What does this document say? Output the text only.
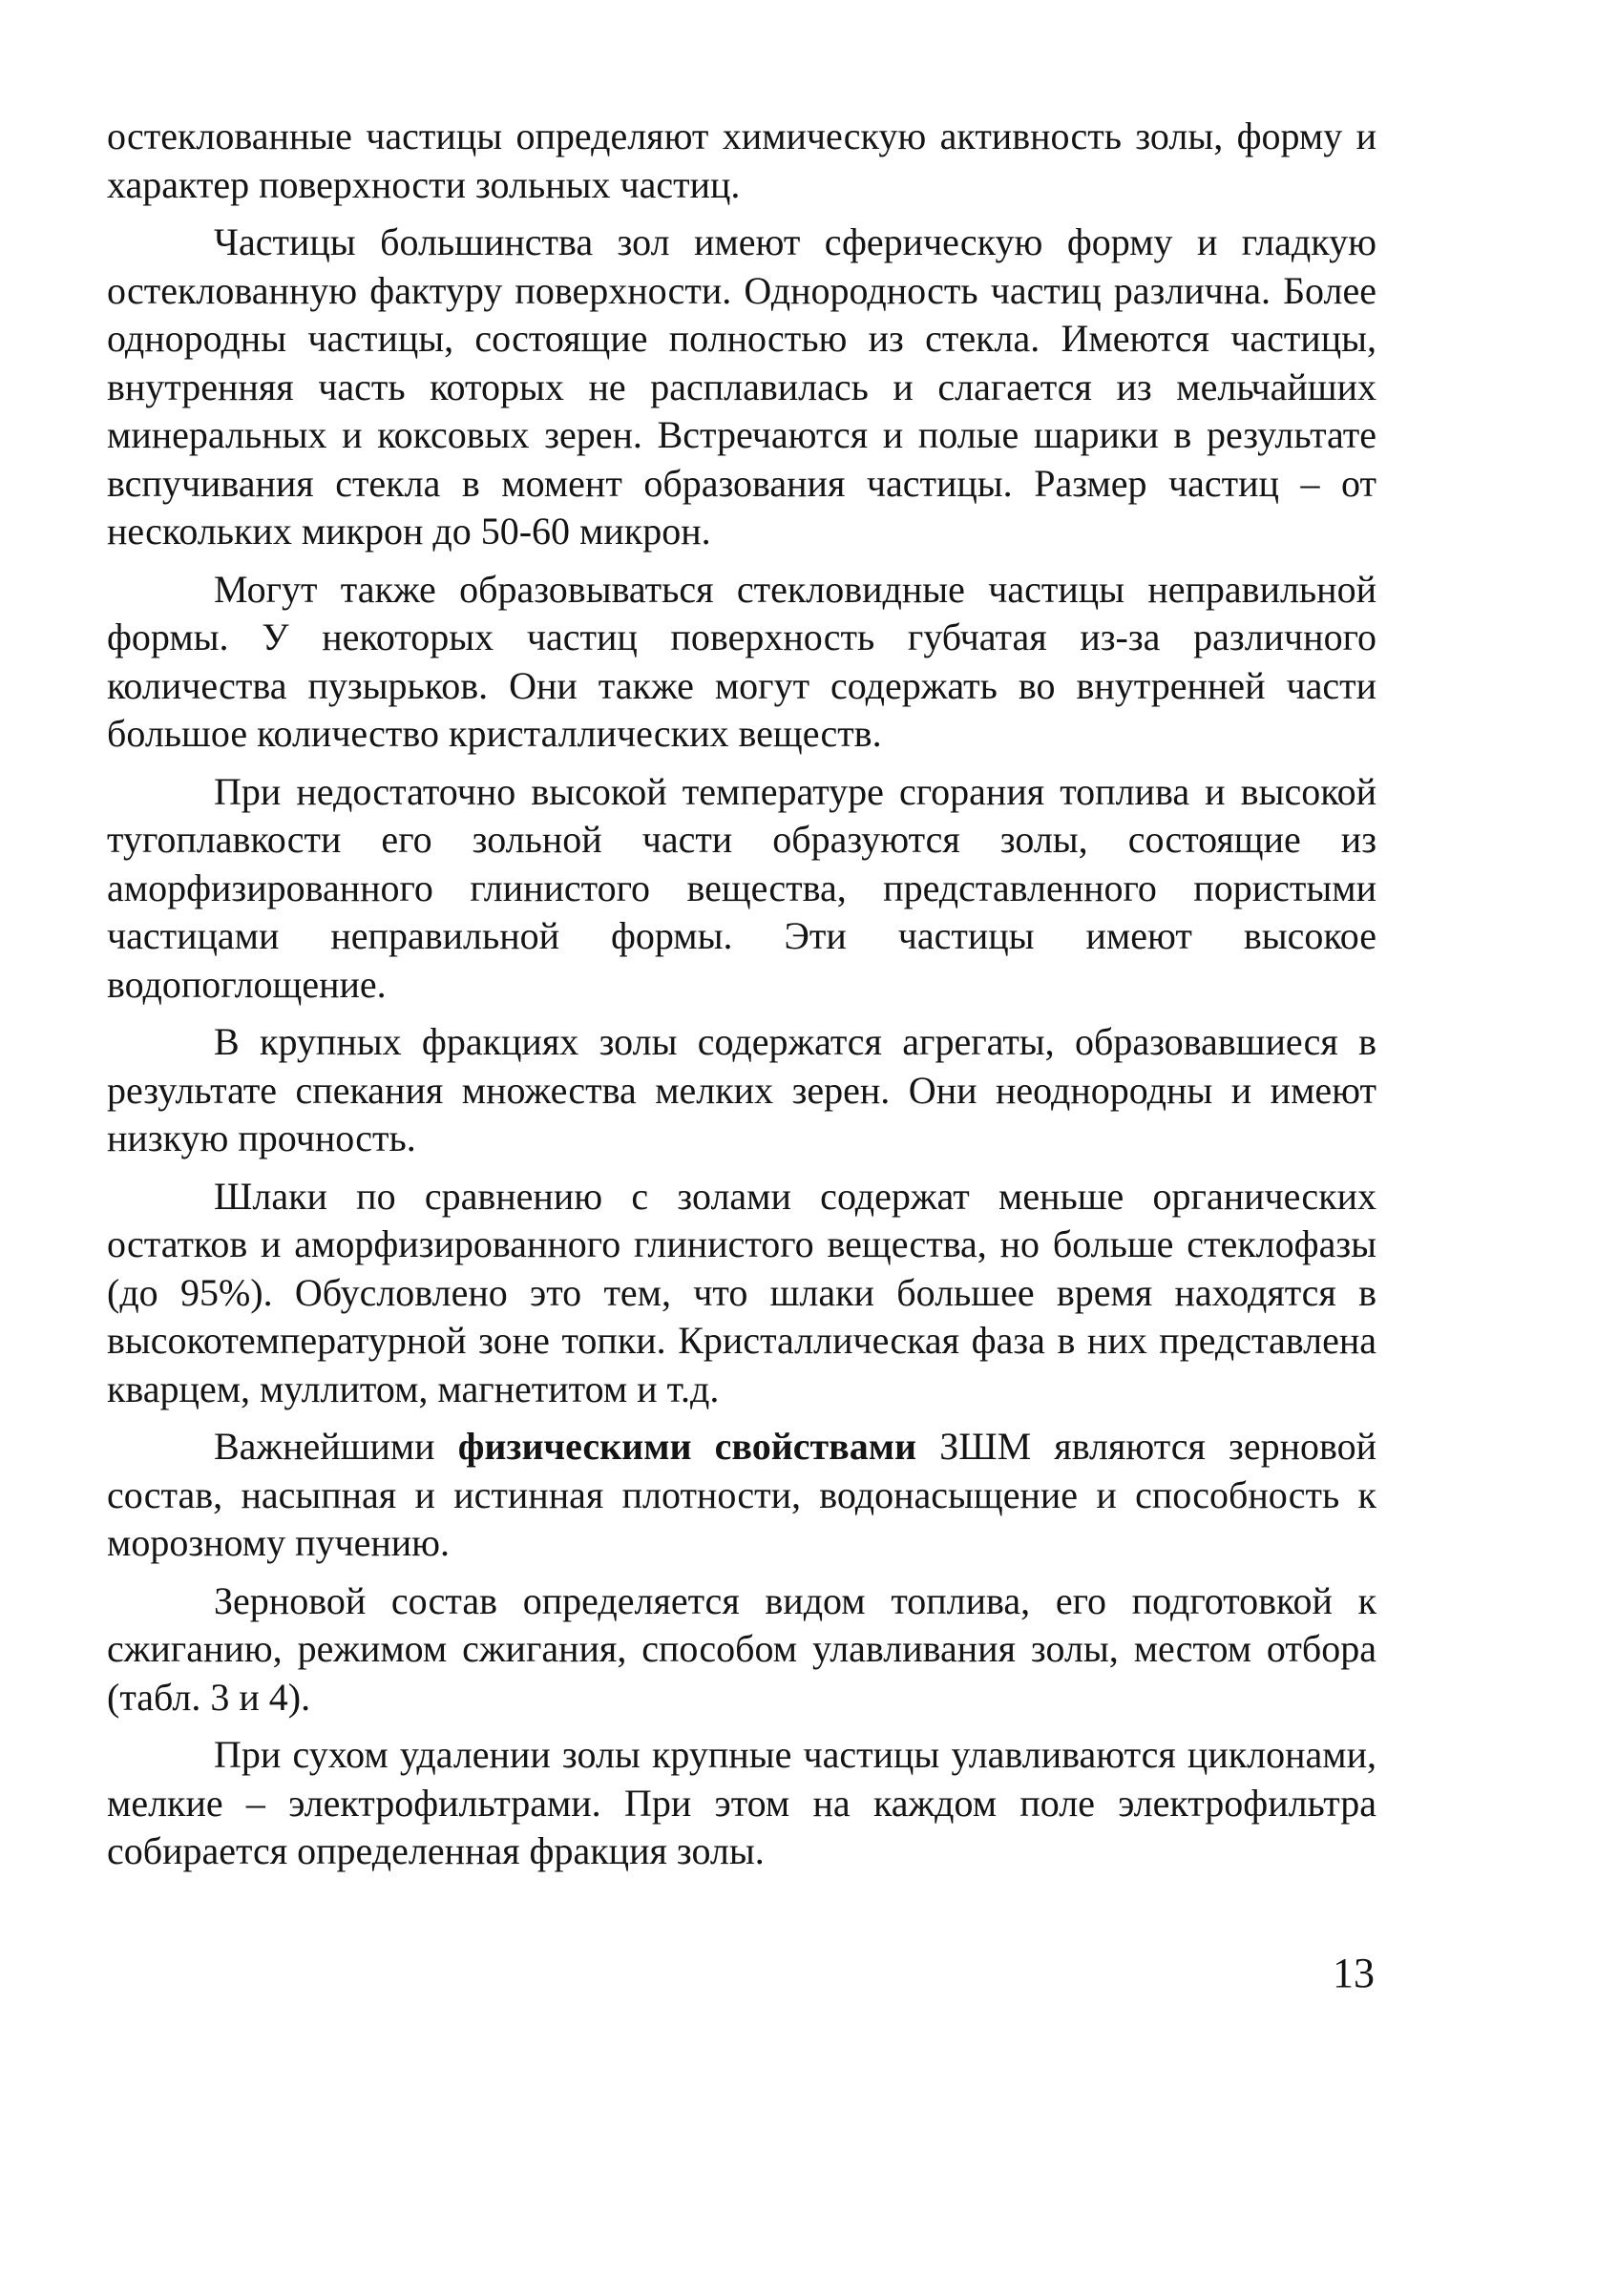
остеклованные частицы определяют химическую активность золы, форму и характер поверхности зольных частиц.

Частицы большинства зол имеют сферическую форму и гладкую остеклованную фактуру поверхности. Однородность частиц различна. Более однородны частицы, состоящие полностью из стекла. Имеются частицы, внутренняя часть которых не расплавилась и слагается из мельчайших минеральных и коксовых зерен. Встречаются и полые шарики в результате вспучивания стекла в момент образования частицы. Размер частиц – от нескольких микрон до 50-60 микрон.

Могут также образовываться стекловидные частицы неправильной формы. У некоторых частиц поверхность губчатая из-за различного количества пузырьков. Они также могут содержать во внутренней части большое количество кристаллических веществ.

При недостаточно высокой температуре сгорания топлива и высокой тугоплавкости его зольной части образуются золы, состоящие из аморфизированного глинистого вещества, представленного пористыми частицами неправильной формы. Эти частицы имеют высокое водопоглощение.

В крупных фракциях золы содержатся агрегаты, образовавшиеся в результате спекания множества мелких зерен. Они неоднородны и имеют низкую прочность.

Шлаки по сравнению с золами содержат меньше органических остатков и аморфизированного глинистого вещества, но больше стеклофазы (до 95%). Обусловлено это тем, что шлаки большее время находятся в высокотемпературной зоне топки. Кристаллическая фаза в них представлена кварцем, муллитом, магнетитом и т.д.

Важнейшими физическими свойствами ЗШМ являются зерновой состав, насыпная и истинная плотности, водонасыщение и способность к морозному пучению.

Зерновой состав определяется видом топлива, его подготовкой к сжиганию, режимом сжигания, способом улавливания золы, местом отбора (табл. 3 и 4).

При сухом удалении золы крупные частицы улавливаются циклонами, мелкие – электрофильтрами. При этом на каждом поле электрофильтра собирается определенная фракция золы.

13
